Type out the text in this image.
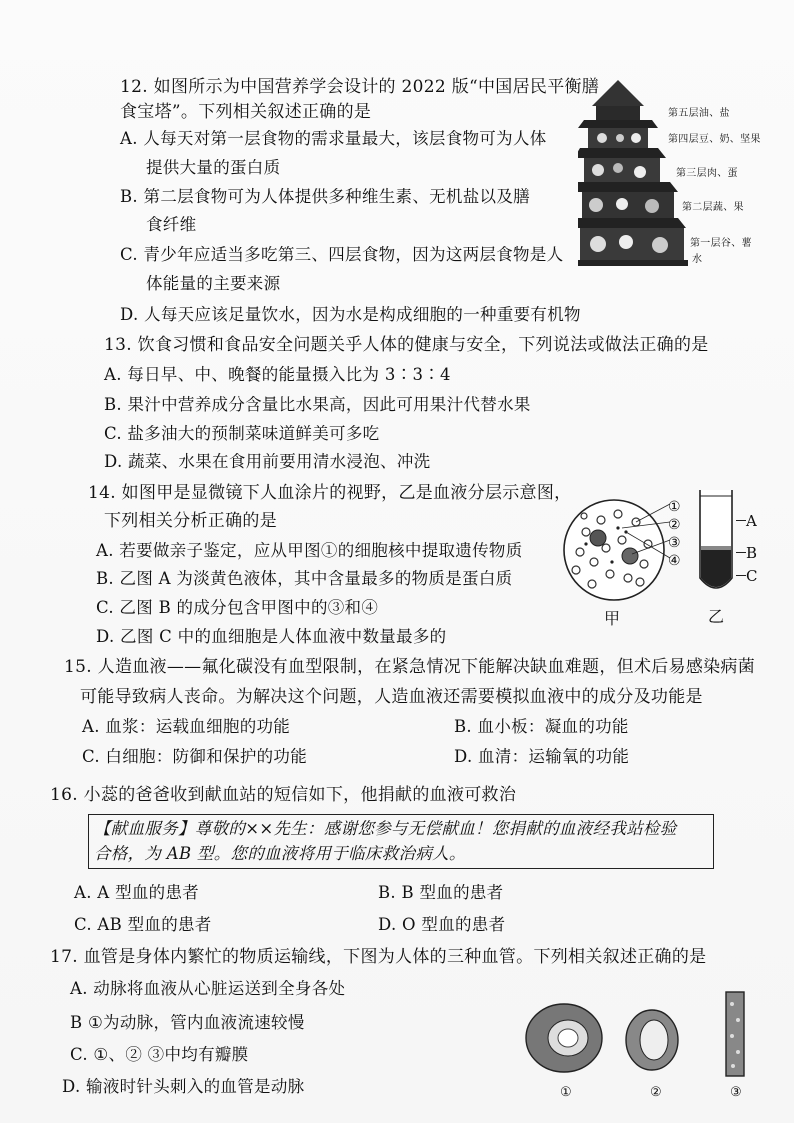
12. 如图所示为中国营养学会设计的 2022 版“中国居民平衡膳
食宝塔”。下列相关叙述正确的是
A. 人每天对第一层食物的需求量最大，该层食物可为人体
提供大量的蛋白质
B. 第二层食物可为人体提供多种维生素、无机盐以及膳
食纤维
C. 青少年应适当多吃第三、四层食物，因为这两层食物是人
体能量的主要来源
D. 人每天应该足量饮水，因为水是构成细胞的一种重要有机物
第五层油、盐
第四层豆、奶、坚果
第三层肉、蛋
第二层蔬、果
第一层谷、薯
水
13. 饮食习惯和食品安全问题关乎人体的健康与安全，下列说法或做法正确的是
A. 每日早、中、晚餐的能量摄入比为 3∶3∶4
B. 果汁中营养成分含量比水果高，因此可用果汁代替水果
C. 盐多油大的预制菜味道鲜美可多吃
D. 蔬菜、水果在食用前要用清水浸泡、冲洗
14. 如图甲是显微镜下人血涂片的视野，乙是血液分层示意图，
下列相关分析正确的是
A. 若要做亲子鉴定，应从甲图①的细胞核中提取遗传物质
B. 乙图 A 为淡黄色液体，其中含量最多的物质是蛋白质
C. 乙图 B 的成分包含甲图中的③和④
D. 乙图 C 中的血细胞是人体血液中数量最多的
①
②
③
④
甲
A
B
C
乙
15. 人造血液——氟化碳没有血型限制，在紧急情况下能解决缺血难题，但术后易感染病菌
可能导致病人丧命。为解决这个问题，人造血液还需要模拟血液中的成分及功能是
A. 血浆：运载血细胞的功能	B. 血小板：凝血的功能
C. 白细胞：防御和保护的功能	D. 血清：运输氧的功能
16. 小蕊的爸爸收到献血站的短信如下，他捐献的血液可救治
【献血服务】尊敬的××先生：感谢您参与无偿献血！您捐献的血液经我站检验
合格，为 AB 型。您的血液将用于临床救治病人。
A. A 型血的患者	B. B 型血的患者
C. AB 型血的患者	D. O 型血的患者
17. 血管是身体内繁忙的物质运输线，下图为人体的三种血管。下列相关叙述正确的是
A. 动脉将血液从心脏运送到全身各处
B ①为动脉，管内血液流速较慢
C. ①、② ③中均有瓣膜
D. 输液时针头刺入的血管是动脉	①	②	③
